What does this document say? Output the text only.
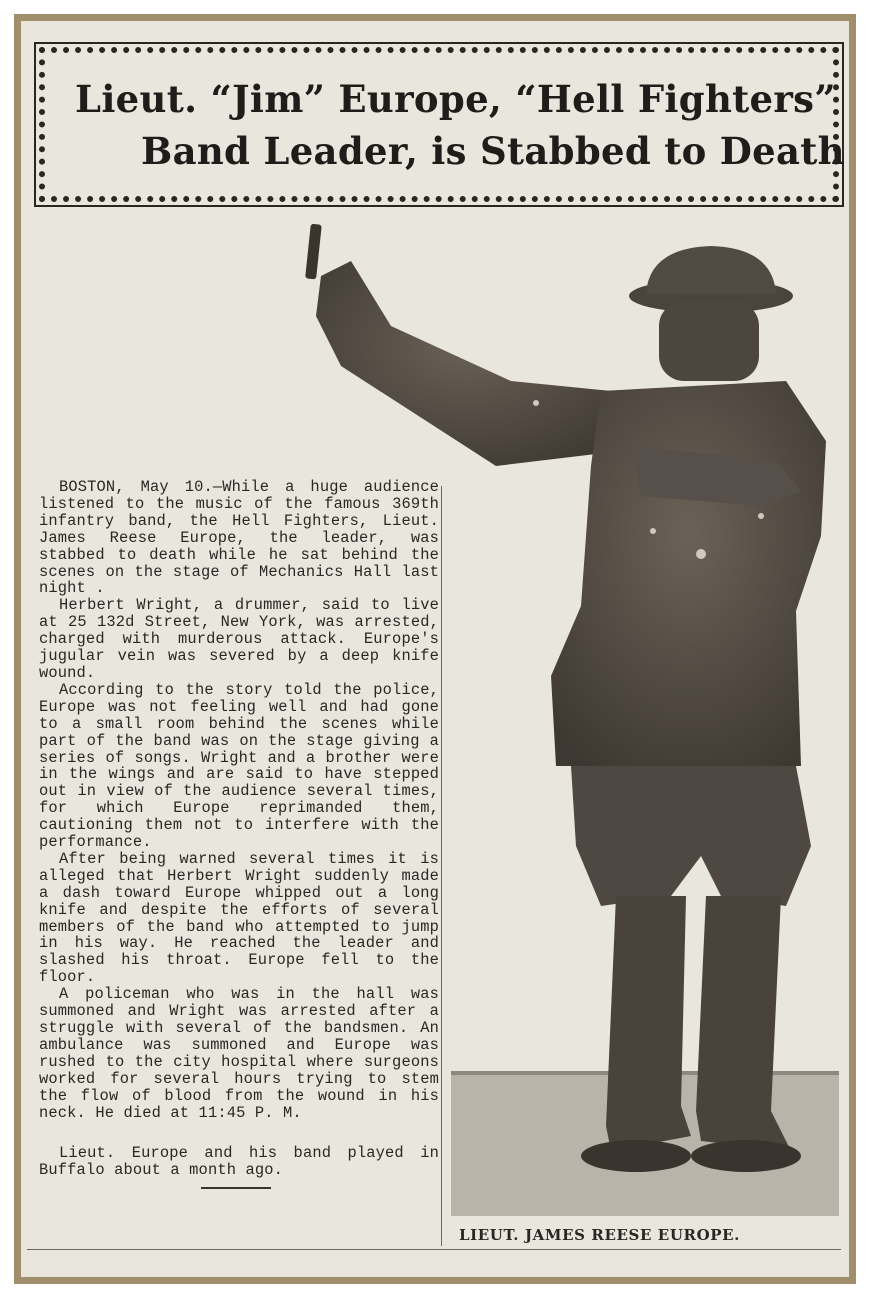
Lieut. “Jim” Europe, “Hell Fighters”
Band Leader, is Stabbed to Death

BOSTON, May 10.—While a huge audience listened to the music of the famous 369th infantry band, the Hell Fighters, Lieut. James Reese Europe, the leader, was stabbed to death while he sat behind the scenes on the stage of Mechanics Hall last night .

Herbert Wright, a drummer, said to live at 25 132d Street, New York, was arrested, charged with murderous attack. Europe's jugular vein was severed by a deep knife wound.

According to the story told the police, Europe was not feeling well and had gone to a small room behind the scenes while part of the band was on the stage giving a series of songs. Wright and a brother were in the wings and are said to have stepped out in view of the audience several times, for which Europe reprimanded them, cautioning them not to interfere with the performance.

After being warned several times it is alleged that Herbert Wright suddenly made a dash toward Europe whipped out a long knife and despite the efforts of several members of the band who attempted to jump in his way. He reached the leader and slashed his throat. Europe fell to the floor.

A policeman who was in the hall was summoned and Wright was arrested after a struggle with several of the bandsmen. An ambulance was summoned and Europe was rushed to the city hospital where surgeons worked for several hours trying to stem the flow of blood from the wound in his neck. He died at 11:45 P. M.

Lieut. Europe and his band played in Buffalo about a month ago.

LIEUT. JAMES REESE EUROPE.
